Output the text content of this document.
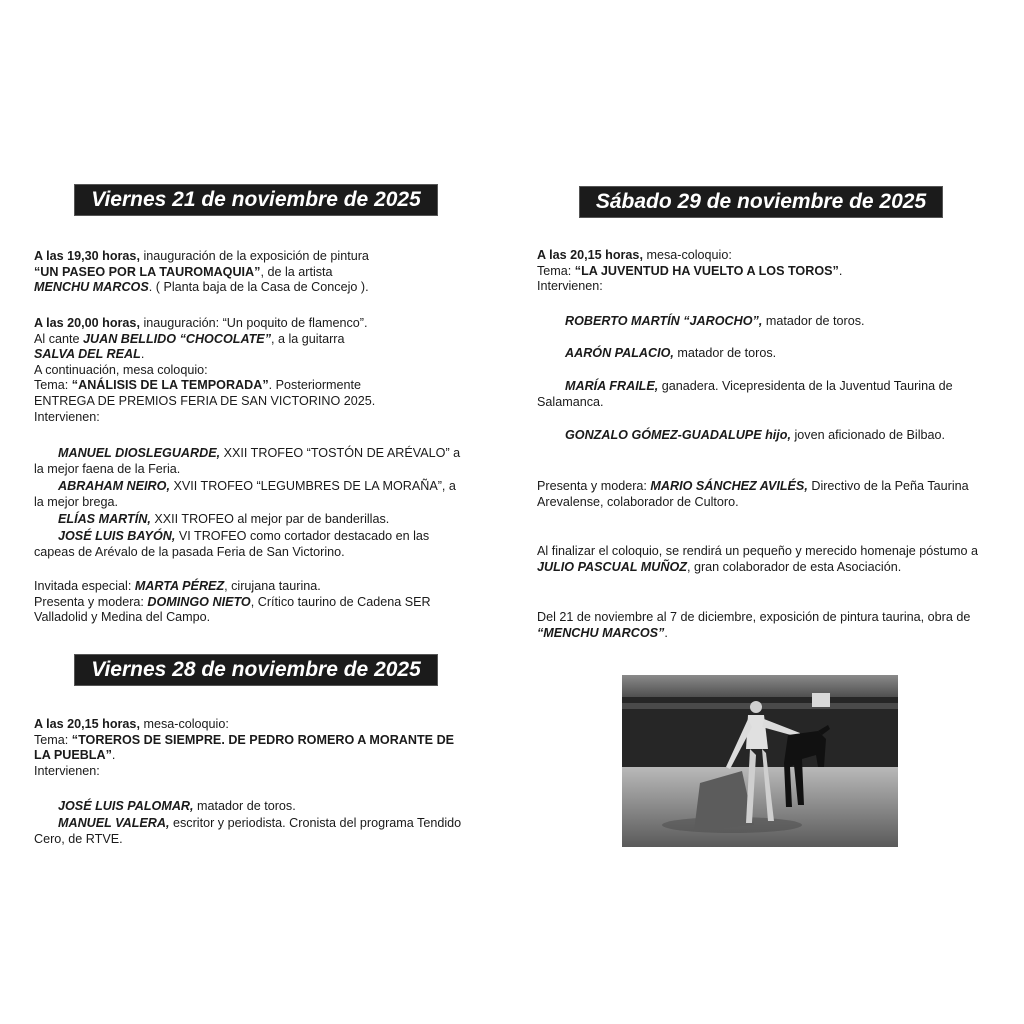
Viernes 21 de noviembre de 2025

A las 19,30 horas, inauguración de la exposición de pintura
“UN PASEO POR LA TAUROMAQUIA”, de la artista
MENCHU MARCOS. ( Planta baja de la Casa de Concejo ).

A las 20,00 horas, inauguración: “Un poquito de flamenco”.
Al cante JUAN BELLIDO “CHOCOLATE”, a la guitarra
SALVA DEL REAL.
A continuación, mesa coloquio:
Tema: “ANÁLISIS DE LA TEMPORADA”. Posteriormente
ENTREGA DE PREMIOS FERIA DE SAN VICTORINO 2025.
Intervienen:

MANUEL DIOSLEGUARDE, XXII TROFEO “TOSTÓN DE ARÉVALO” a la mejor faena de la Feria.

ABRAHAM NEIRO, XVII TROFEO “LEGUMBRES DE LA MORAÑA”, a la mejor brega.

ELÍAS MARTÍN, XXII TROFEO al mejor par de banderillas.

JOSÉ LUIS BAYÓN, VI TROFEO como cortador destacado en las capeas de Arévalo de la pasada Feria de San Victorino.

Invitada especial: MARTA PÉREZ, cirujana taurina.
Presenta y modera: DOMINGO NIETO, Crítico taurino de Cadena SER Valladolid y Medina del Campo.

Viernes 28 de noviembre de 2025

A las 20,15 horas, mesa-coloquio:
Tema: “TOREROS DE SIEMPRE. DE PEDRO ROMERO A MORANTE DE LA PUEBLA”.
Intervienen:

JOSÉ LUIS PALOMAR, matador de toros.

MANUEL VALERA, escritor y periodista. Cronista del programa Tendido Cero, de RTVE.

Sábado 29 de noviembre de 2025

A las 20,15 horas, mesa-coloquio:
Tema: “LA JUVENTUD HA VUELTO A LOS TOROS”.
Intervienen:

ROBERTO MARTÍN “JAROCHO”, matador de toros.

AARÓN PALACIO, matador de toros.

MARÍA FRAILE, ganadera. Vicepresidenta de la Juventud Taurina de Salamanca.

GONZALO GÓMEZ-GUADALUPE hijo, joven aficionado de Bilbao.

Presenta y modera: MARIO SÁNCHEZ AVILÉS, Directivo de la Peña Taurina Arevalense, colaborador de Cultoro.

Al finalizar el coloquio, se rendirá un pequeño y merecido homenaje póstumo a JULIO PASCUAL MUÑOZ, gran colaborador de esta Asociación.

Del 21 de noviembre al 7 de diciembre, exposición de pintura taurina, obra de “MENCHU MARCOS”.
